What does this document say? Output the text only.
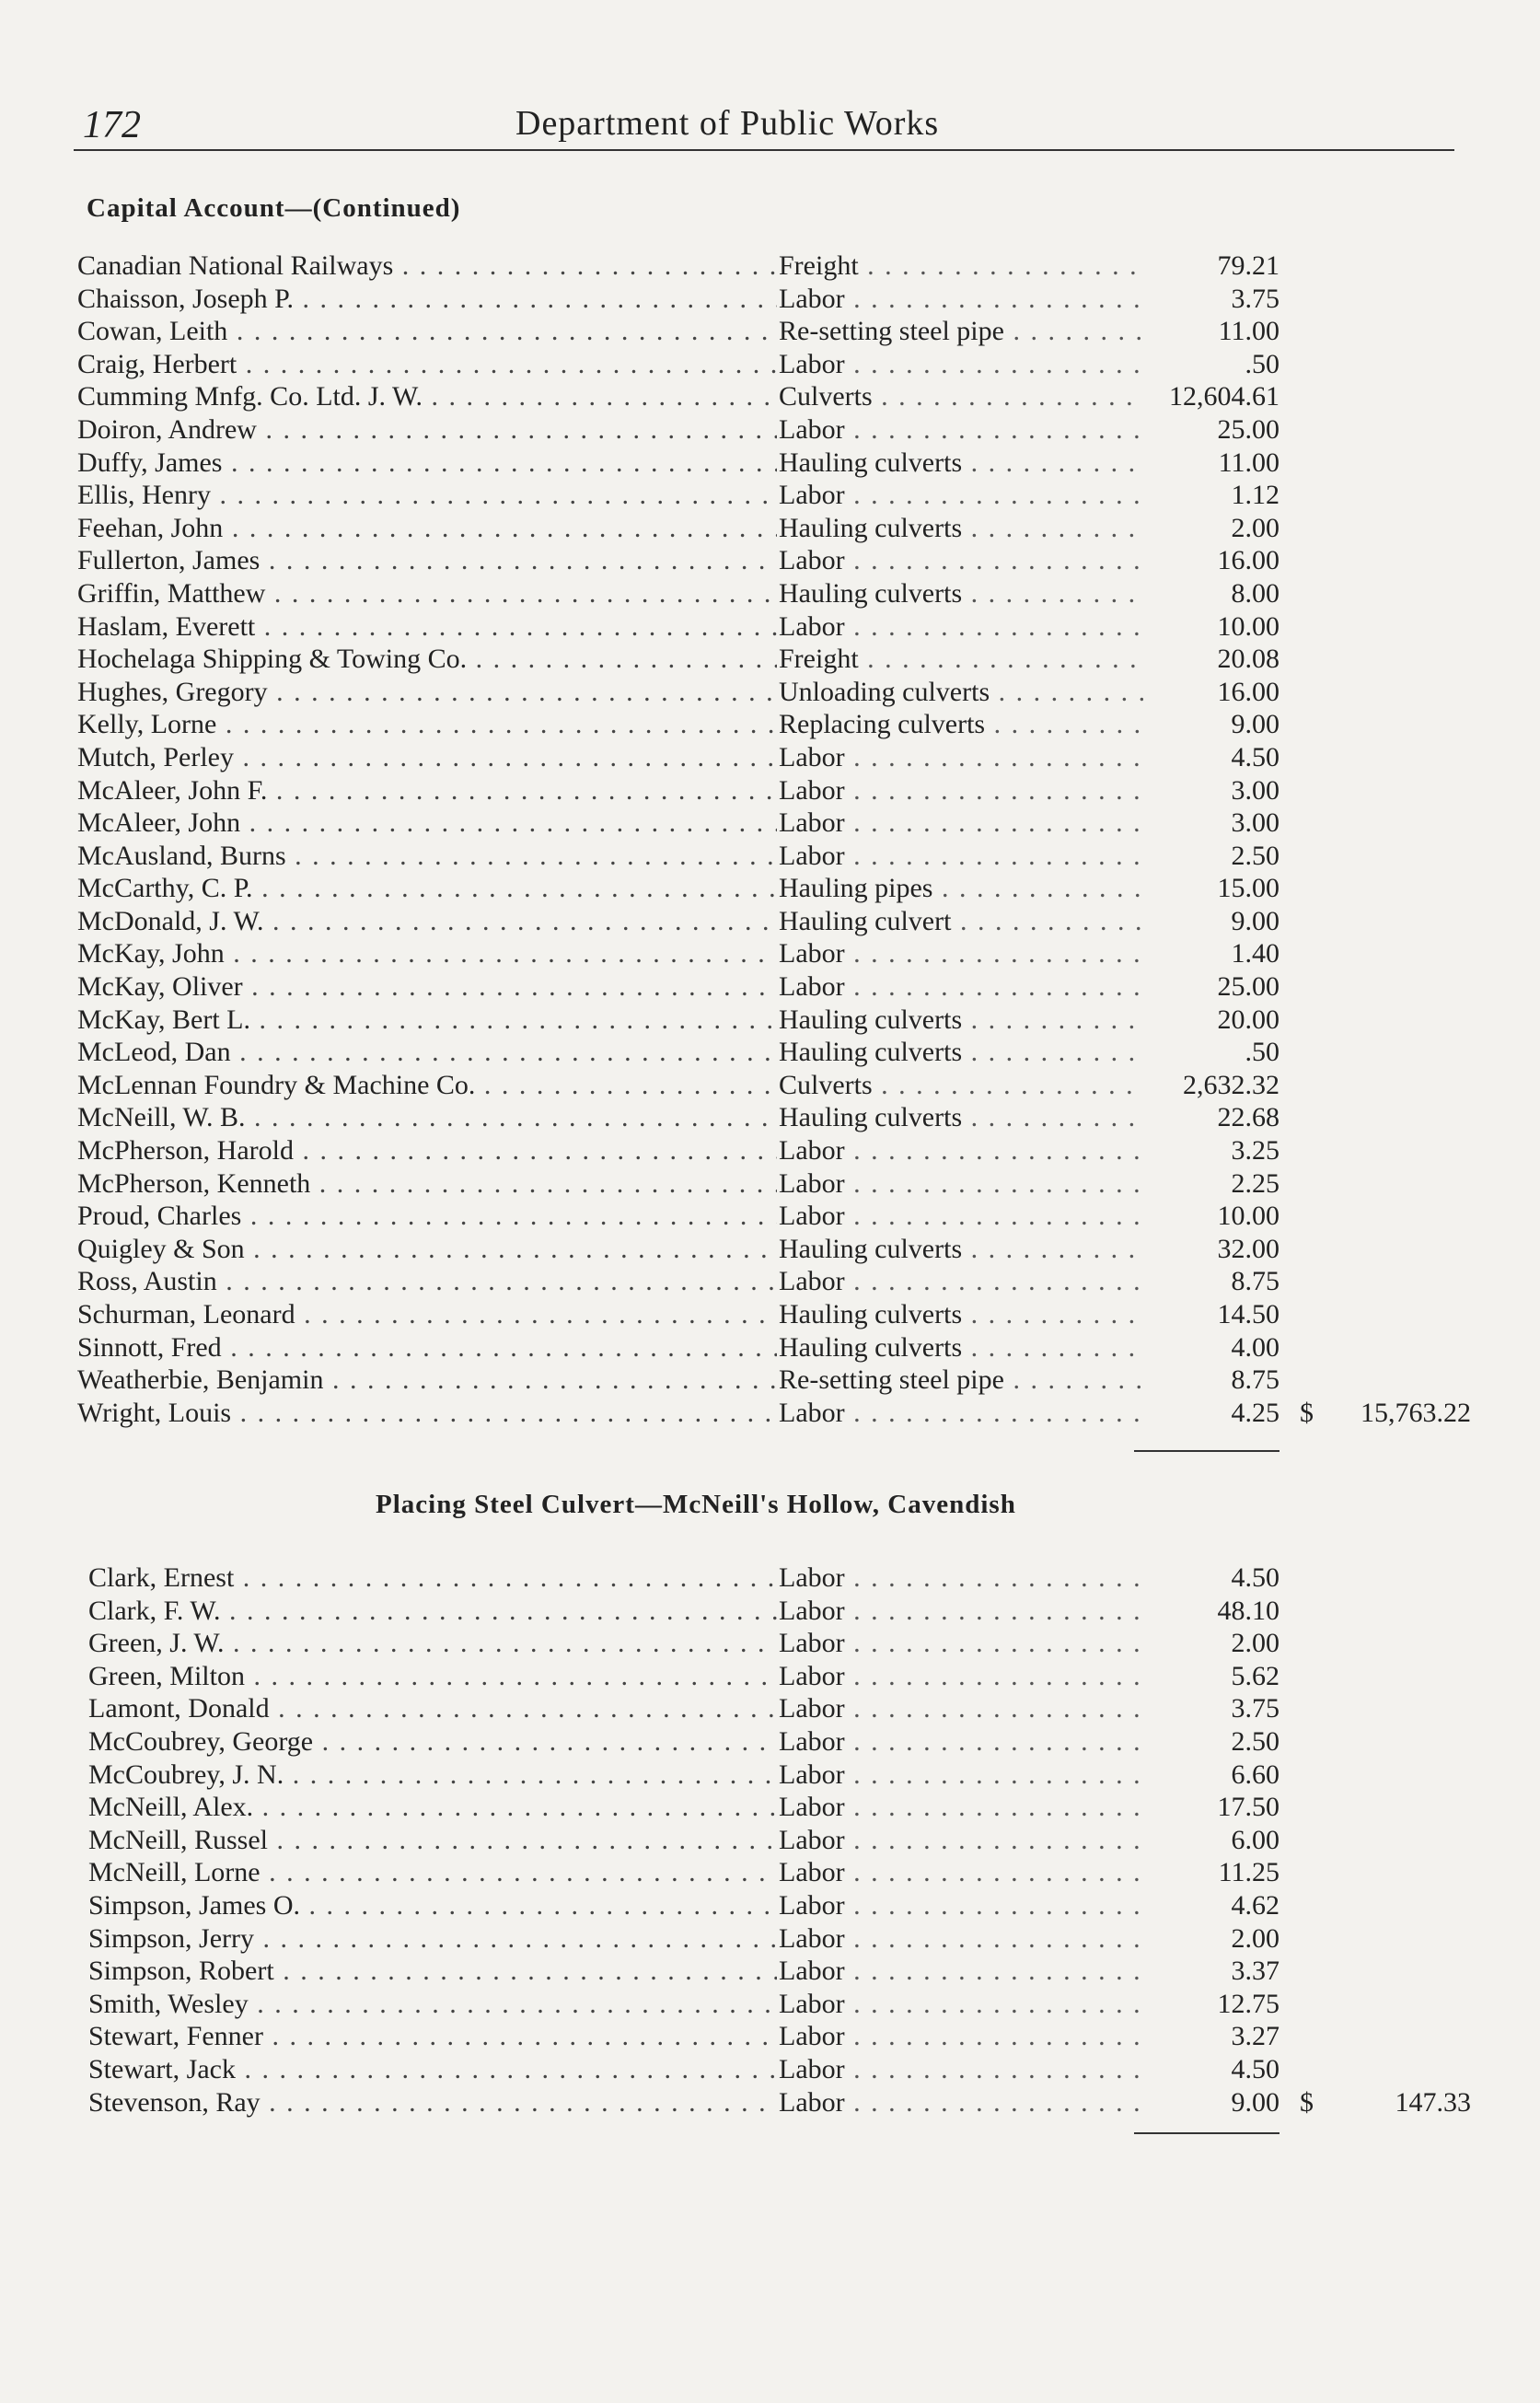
172	Department of Public Works
Capital Account—(Continued)
Canadian National Railways . . .	Freight . . .	79.21
Chaisson, Joseph P. . . .	Labor . . .	3.75
Cowan, Leith . . .	Re-setting steel pipe . . .	11.00
Craig, Herbert . . .	Labor . . .	.50
Cumming Mnfg. Co. Ltd. J. W. . . .	Culverts . . .	12,604.61
Doiron, Andrew . . .	Labor . . .	25.00
Duffy, James . . .	Hauling culverts . . .	11.00
Ellis, Henry . . .	Labor . . .	1.12
Feehan, John . . .	Hauling culverts . . .	2.00
Fullerton, James . . .	Labor . . .	16.00
Griffin, Matthew . . .	Hauling culverts . . .	8.00
Haslam, Everett . . .	Labor . . .	10.00
Hochelaga Shipping & Towing Co. . . .	Freight . . .	20.08
Hughes, Gregory . . .	Unloading culverts . . .	16.00
Kelly, Lorne . . .	Replacing culverts . . .	9.00
Mutch, Perley . . .	Labor . . .	4.50
McAleer, John F. . . .	Labor . . .	3.00
McAleer, John . . .	Labor . . .	3.00
McAusland, Burns . . .	Labor . . .	2.50
McCarthy, C. P. . . .	Hauling pipes . . .	15.00
McDonald, J. W. . . .	Hauling culvert . . .	9.00
McKay, John . . .	Labor . . .	1.40
McKay, Oliver . . .	Labor . . .	25.00
McKay, Bert L. . . .	Hauling culverts . . .	20.00
McLeod, Dan . . .	Hauling culverts . . .	.50
McLennan Foundry & Machine Co. . . .	Culverts . . .	2,632.32
McNeill, W. B. . . .	Hauling culverts . . .	22.68
McPherson, Harold . . .	Labor . . .	3.25
McPherson, Kenneth . . .	Labor . . .	2.25
Proud, Charles . . .	Labor . . .	10.00
Quigley & Son . . .	Hauling culverts . . .	32.00
Ross, Austin . . .	Labor . . .	8.75
Schurman, Leonard . . .	Hauling culverts . . .	14.50
Sinnott, Fred . . .	Hauling culverts . . .	4.00
Weatherbie, Benjamin . . .	Re-setting steel pipe . . .	8.75
Wright, Louis . . .	Labor . . .	4.25 $ 15,763.22
Placing Steel Culvert—McNeill's Hollow, Cavendish
Clark, Ernest . . .	Labor . . .	4.50
Clark, F. W. . . .	Labor . . .	48.10
Green, J. W. . . .	Labor . . .	2.00
Green, Milton . . .	Labor . . .	5.62
Lamont, Donald . . .	Labor . . .	3.75
McCoubrey, George . . .	Labor . . .	2.50
McCoubrey, J. N. . . .	Labor . . .	6.60
McNeill, Alex. . . .	Labor . . .	17.50
McNeill, Russel . . .	Labor . . .	6.00
McNeill, Lorne . . .	Labor . . .	11.25
Simpson, James O. . . .	Labor . . .	4.62
Simpson, Jerry . . .	Labor . . .	2.00
Simpson, Robert . . .	Labor . . .	3.37
Smith, Wesley . . .	Labor . . .	12.75
Stewart, Fenner . . .	Labor . . .	3.27
Stewart, Jack . . .	Labor . . .	4.50
Stevenson, Ray . . .	Labor . . .	9.00 $	147.33
